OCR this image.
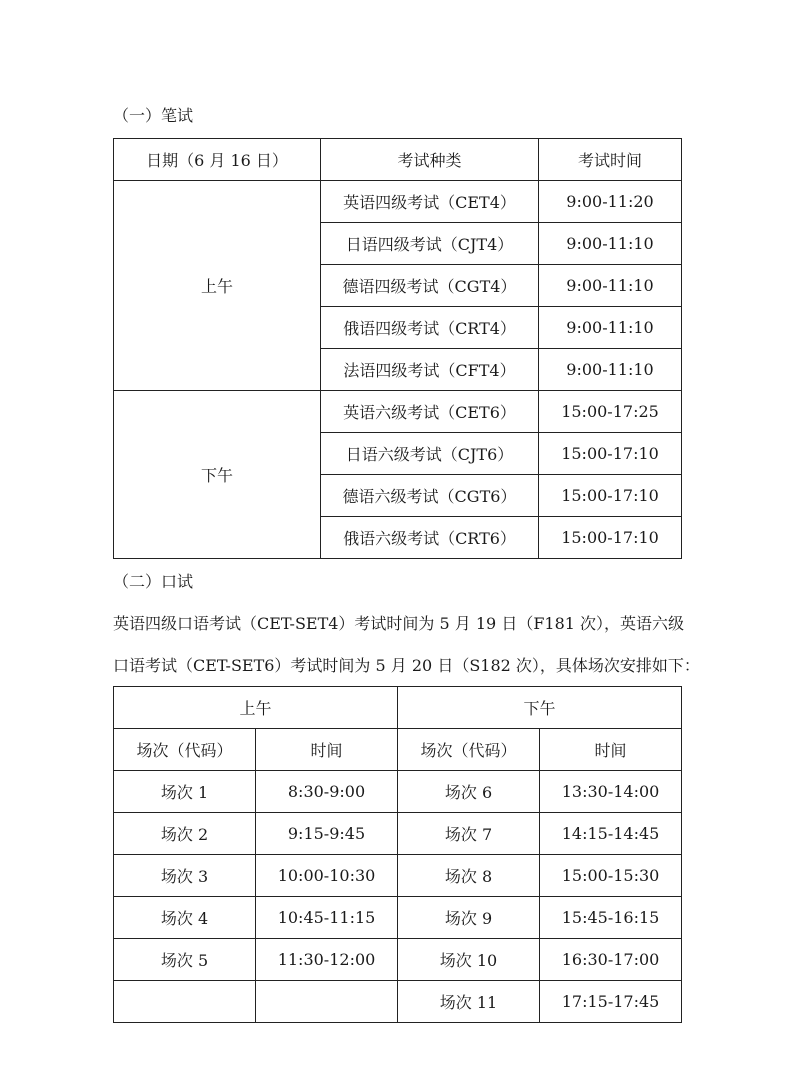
（一）笔试
日期（6 月 16 日）	考试种类	考试时间
上午	英语四级考试（CET4）	9:00-11:20
	日语四级考试（CJT4）	9:00-11:10
	德语四级考试（CGT4）	9:00-11:10
	俄语四级考试（CRT4）	9:00-11:10
	法语四级考试（CFT4）	9:00-11:10
下午	英语六级考试（CET6）	15:00-17:25
	日语六级考试（CJT6）	15:00-17:10
	德语六级考试（CGT6）	15:00-17:10
	俄语六级考试（CRT6）	15:00-17:10
（二）口试
英语四级口语考试（CET-SET4）考试时间为 5 月 19 日（F181 次），英语六级
口语考试（CET-SET6）考试时间为 5 月 20 日（S182 次），具体场次安排如下：
上午		下午	
场次（代码）	时间	场次（代码）	时间
场次 1	8:30-9:00	场次 6	13:30-14:00
场次 2	9:15-9:45	场次 7	14:15-14:45
场次 3	10:00-10:30	场次 8	15:00-15:30
场次 4	10:45-11:15	场次 9	15:45-16:15
场次 5	11:30-12:00	场次 10	16:30-17:00
		场次 11	17:15-17:45
